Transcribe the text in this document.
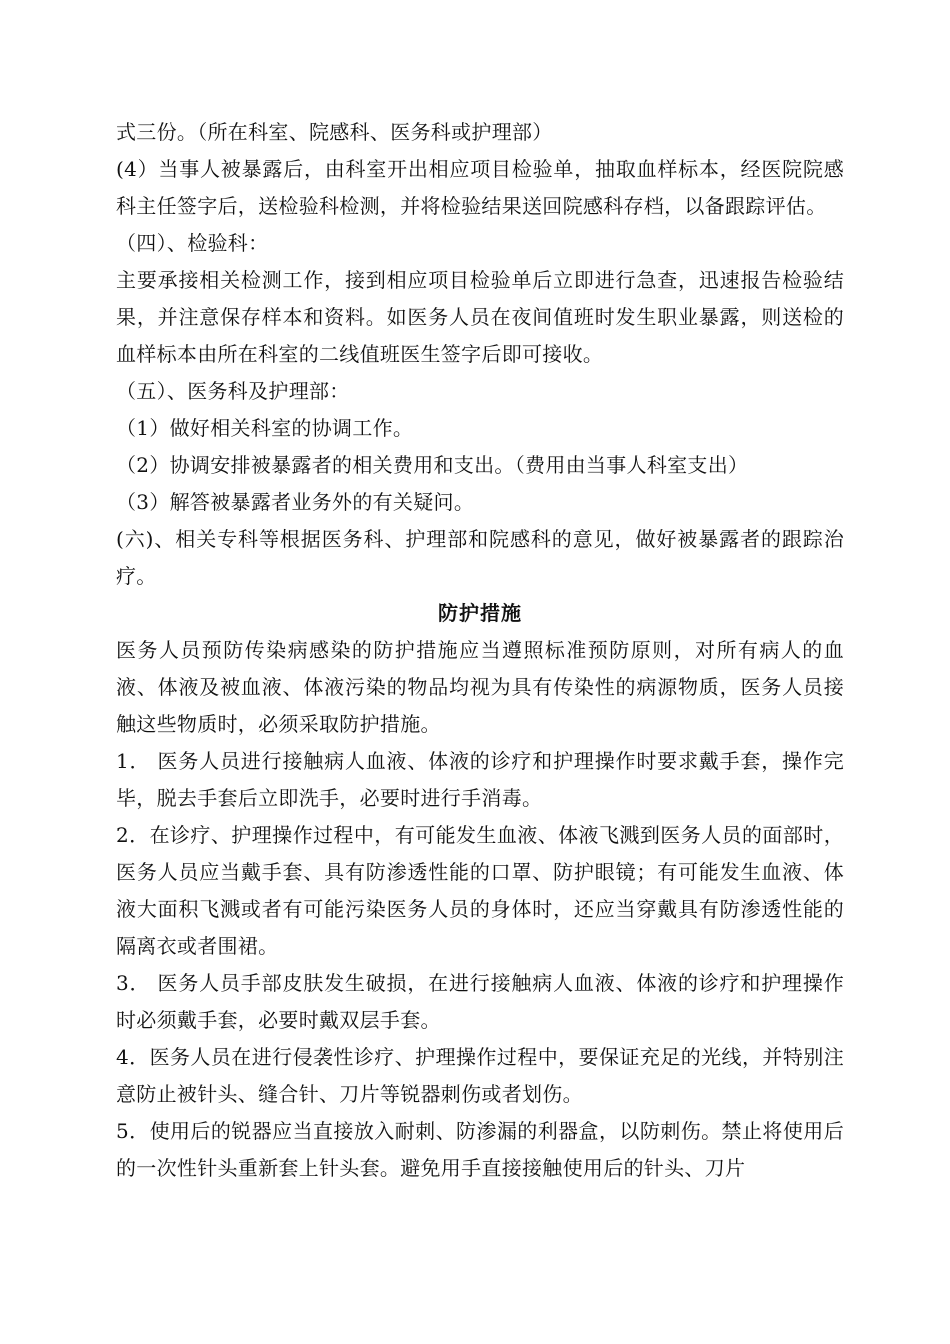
式三份。（所在科室、院感科、医务科或护理部）

(4）当事人被暴露后，由科室开出相应项目检验单，抽取血样标本，经医院院感科主任签字后，送检验科检测，并将检验结果送回院感科存档，以备跟踪评估。

（四）、检验科：

主要承接相关检测工作，接到相应项目检验单后立即进行急查，迅速报告检验结果，并注意保存样本和资料。如医务人员在夜间值班时发生职业暴露，则送检的血样标本由所在科室的二线值班医生签字后即可接收。

（五）、医务科及护理部：

（1）做好相关科室的协调工作。

（2）协调安排被暴露者的相关费用和支出。（费用由当事人科室支出）

（3）解答被暴露者业务外的有关疑问。

(六)、相关专科等根据医务科、护理部和院感科的意见，做好被暴露者的跟踪治疗。

防护措施

医务人员预防传染病感染的防护措施应当遵照标准预防原则，对所有病人的血液、体液及被血液、体液污染的物品均视为具有传染性的病源物质，医务人员接触这些物质时，必须采取防护措施。

1． 医务人员进行接触病人血液、体液的诊疗和护理操作时要求戴手套，操作完毕，脱去手套后立即洗手，必要时进行手消毒。

2．在诊疗、护理操作过程中，有可能发生血液、体液飞溅到医务人员的面部时，医务人员应当戴手套、具有防渗透性能的口罩、防护眼镜；有可能发生血液、体液大面积飞溅或者有可能污染医务人员的身体时，还应当穿戴具有防渗透性能的隔离衣或者围裙。

3． 医务人员手部皮肤发生破损，在进行接触病人血液、体液的诊疗和护理操作时必须戴手套，必要时戴双层手套。

4．医务人员在进行侵袭性诊疗、护理操作过程中，要保证充足的光线，并特别注意防止被针头、缝合针、刀片等锐器刺伤或者划伤。

5．使用后的锐器应当直接放入耐刺、防渗漏的利器盒，以防刺伤。禁止将使用后的一次性针头重新套上针头套。避免用手直接接触使用后的针头、刀片
